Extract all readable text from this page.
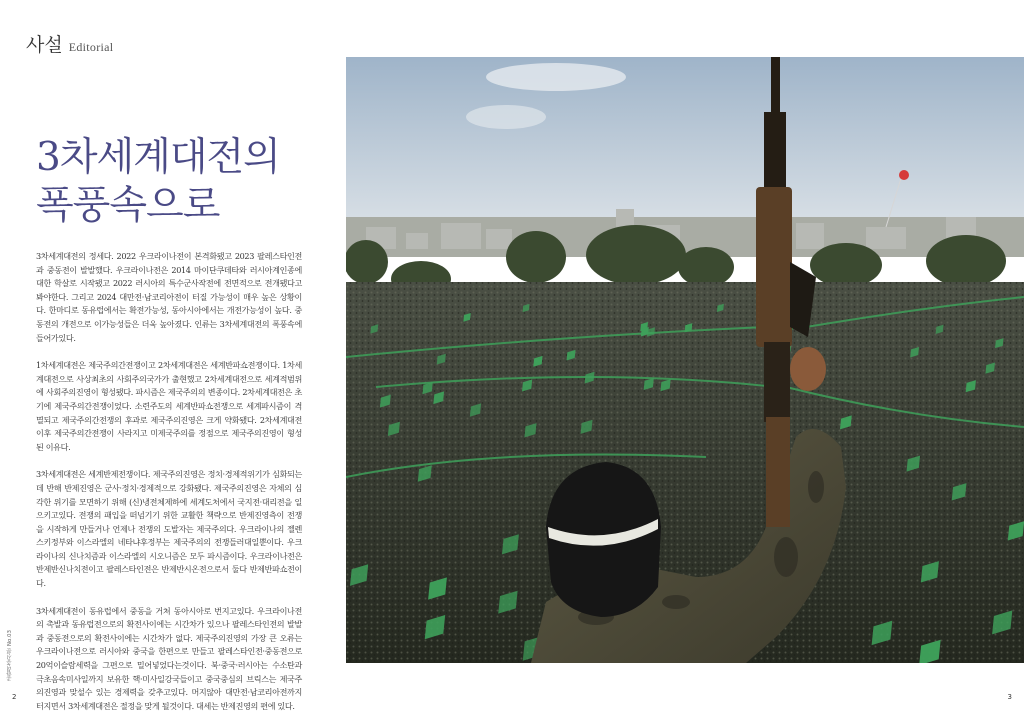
사설 Editorial
3차세계대전의
폭풍속으로

3차세계대전의 정세다. 2022 우크라이나전이 본격화됐고 2023 팔레스타인전과 중동전이 발발했다. 우크라이나전은 2014 마이단쿠데타와 러시아계인종에 대한 학살로 시작됐고 2022 러시아의 특수군사작전에 전면적으로 전개됐다고 봐야한다. 그리고 2024 대만전·남코리아전이 터질 가능성이 매우 높은 상황이다. 한마디로 동유럽에서는 확전가능성, 동아시아에서는 개전가능성이 높다. 중동전의 개전으로 이가능성들은 더욱 높아졌다. 인류는 3차세계대전의 폭풍속에 들어가있다.

1차세계대전은 제국주의간전쟁이고 2차세계대전은 세계반파쇼전쟁이다. 1차세계대전으로 사상최초의 사회주의국가가 출현했고 2차세계대전으로 세계적범위에 사회주의진영이 형성됐다. 파시즘은 제국주의의 변종이다. 2차세계대전은 초기에 제국주의간전쟁이었다. 소련주도의 세계반파쇼전쟁으로 세계파시즘이 격멸되고 제국주의간전쟁의 후과로 제국주의진영은 크게 약화됐다. 2차세계대전이후 제국주의간전쟁이 사라지고 미제국주의를 정점으로 제국주의진영이 형성된 이유다.

3차세계대전은 세계반제전쟁이다. 제국주의진영은 정치·경제적위기가 심화되는 데 반해 반제진영은 군사·정치·경제적으로 강화됐다. 제국주의진영은 자체의 심각한 위기를 모면하기 위해 (신)냉전체제하에 세계도처에서 국지전·대리전을 일으키고있다. 전쟁의 패입을 떠넘기기 위한 교활한 책략으로 반제진영측이 전쟁을 시작하게 만들거나 언제나 전쟁의 도발자는 제국주의다. 우크라이나의 젤렌스키정부와 이스라엘의 네타냐후정부는 제국주의의 전쟁들러대일뿐이다. 우크라이나의 신나치즘과 이스라엘의 시오니즘은 모두 파시즘이다. 우크라이나전은 반제반신나치전이고 팔레스타인전은 반제반시온전으로서 둘다 반제반파쇼전이다.

3차세계대전이 동유럽에서 중동을 거쳐 동아시아로 번지고있다. 우크라이나전의 촉발과 동유럽전으로의 확전사이에는 시간차가 있으나 팔레스타인전의 발발과 중동전으로의 확전사이에는 시간차가 없다. 제국주의진영의 가장 큰 오류는 우크라이나전으로 러시아와 중국을 한편으로 만들고 팔레스타인전·중동전으로 20억이슬람세력을 그편으로 밀어넣었다는것이다. 북·중국·러시아는 수소탄과 극초음속미사일까지 보유한 핵·미사일강국들이고 중국중심의 브릭스는 제국주의진영과 맞설수 있는 경제력을 갖추고있다. 머지않아 대만전·남코리아전까지 터지면서 3차세계대전은 절정을 맞게 될것이다. 대세는 반제진영의 편에 있다.

종합민중신문 No.03
2	3
